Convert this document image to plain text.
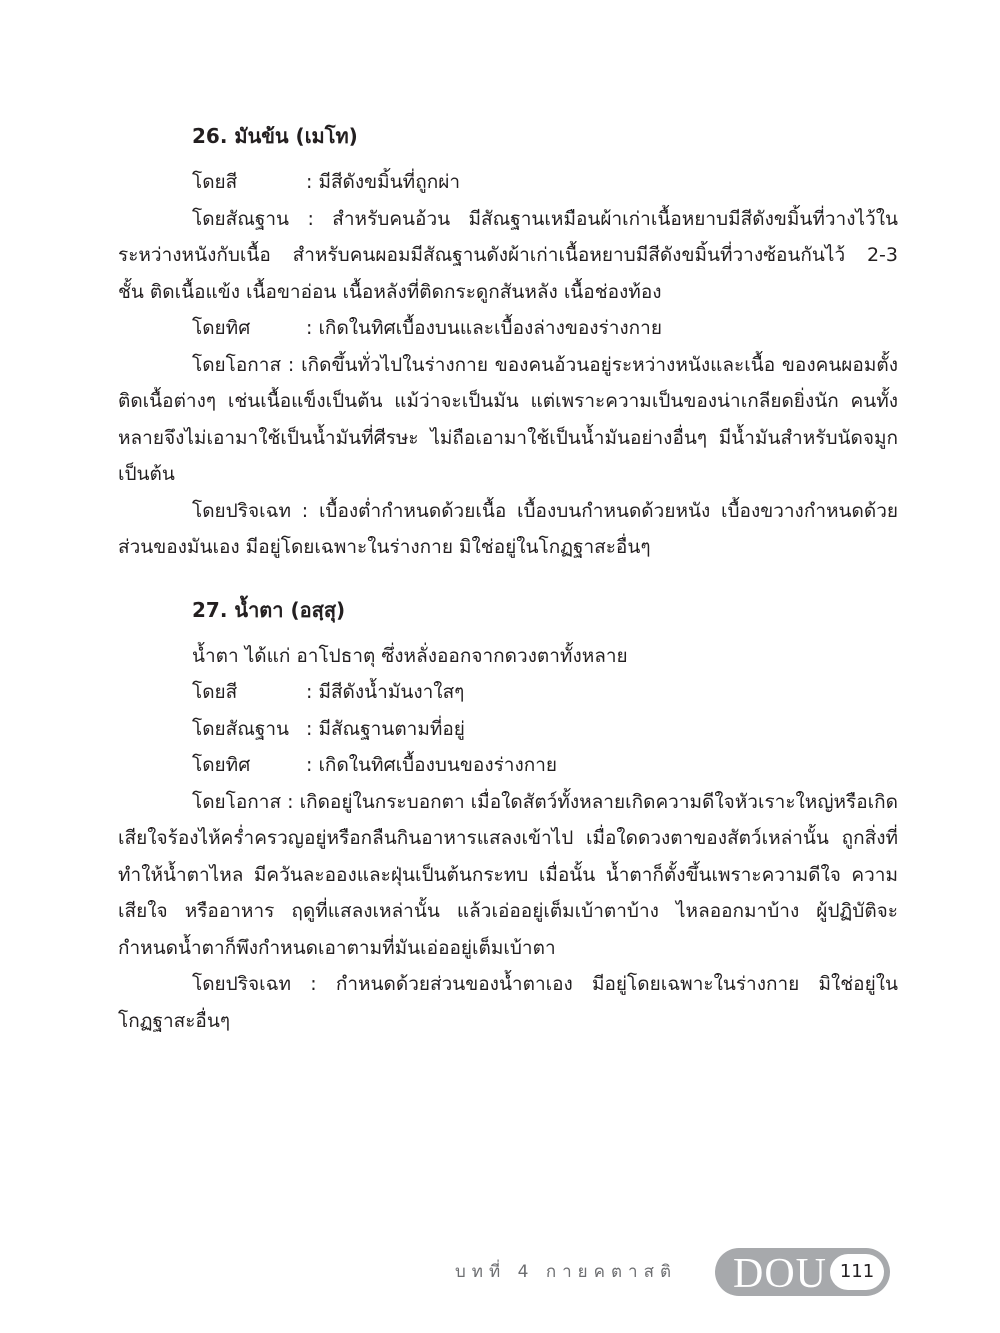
26. มันข้น (เมโท)

โดยสี	: มีสีดังขมิ้นที่ถูกผ่า

โดยสัณฐาน : สำหรับคนอ้วน มีสัณฐานเหมือนผ้าเก่าเนื้อหยาบมีสีดังขมิ้นที่วางไว้ในระหว่างหนังกับเนื้อ สำหรับคนผอมมีสัณฐานดังผ้าเก่าเนื้อหยาบมีสีดังขมิ้นที่วางซ้อนกันไว้ 2-3 ชั้น ติดเนื้อแข้ง เนื้อขาอ่อน เนื้อหลังที่ติดกระดูกสันหลัง เนื้อช่องท้อง

โดยทิศ	: เกิดในทิศเบื้องบนและเบื้องล่างของร่างกาย

โดยโอกาส : เกิดขึ้นทั่วไปในร่างกาย ของคนอ้วนอยู่ระหว่างหนังและเนื้อ ของคนผอมตั้งติดเนื้อต่างๆ เช่นเนื้อแข็งเป็นต้น แม้ว่าจะเป็นมัน แต่เพราะความเป็นของน่าเกลียดยิ่งนัก คนทั้งหลายจึงไม่เอามาใช้เป็นน้ำมันที่ศีรษะ ไม่ถือเอามาใช้เป็นน้ำมันอย่างอื่นๆ มีน้ำมันสำหรับนัดจมูก เป็นต้น

โดยปริจเฉท : เบื้องต่ำกำหนดด้วยเนื้อ เบื้องบนกำหนดด้วยหนัง เบื้องขวางกำหนดด้วยส่วนของมันเอง มีอยู่โดยเฉพาะในร่างกาย มิใช่อยู่ในโกฏฐาสะอื่นๆ

27. น้ำตา (อสฺสุ)

น้ำตา ได้แก่ อาโปธาตุ ซึ่งหลั่งออกจากดวงตาทั้งหลาย

โดยสี	: มีสีดังน้ำมันงาใสๆ

โดยสัณฐาน : มีสัณฐานตามที่อยู่

โดยทิศ	: เกิดในทิศเบื้องบนของร่างกาย

โดยโอกาส : เกิดอยู่ในกระบอกตา เมื่อใดสัตว์ทั้งหลายเกิดความดีใจหัวเราะใหญ่หรือเกิดเสียใจร้องไห้คร่ำครวญอยู่หรือกลืนกินอาหารแสลงเข้าไป เมื่อใดดวงตาของสัตว์เหล่านั้น ถูกสิ่งที่ทำให้น้ำตาไหล มีควันละอองและฝุ่นเป็นต้นกระทบ เมื่อนั้น น้ำตาก็ตั้งขึ้นเพราะความดีใจ ความเสียใจ หรืออาหาร ฤดูที่แสลงเหล่านั้น แล้วเอ่ออยู่เต็มเบ้าตาบ้าง ไหลออกมาบ้าง ผู้ปฏิบัติจะกำหนดน้ำตาก็พึงกำหนดเอาตามที่มันเอ่ออยู่เต็มเบ้าตา

โดยปริจเฉท : กำหนดด้วยส่วนของน้ำตาเอง มีอยู่โดยเฉพาะในร่างกาย มิใช่อยู่ในโกฏฐาสะอื่นๆ

บทที่ 4 กายคตาสติ DOU 111
